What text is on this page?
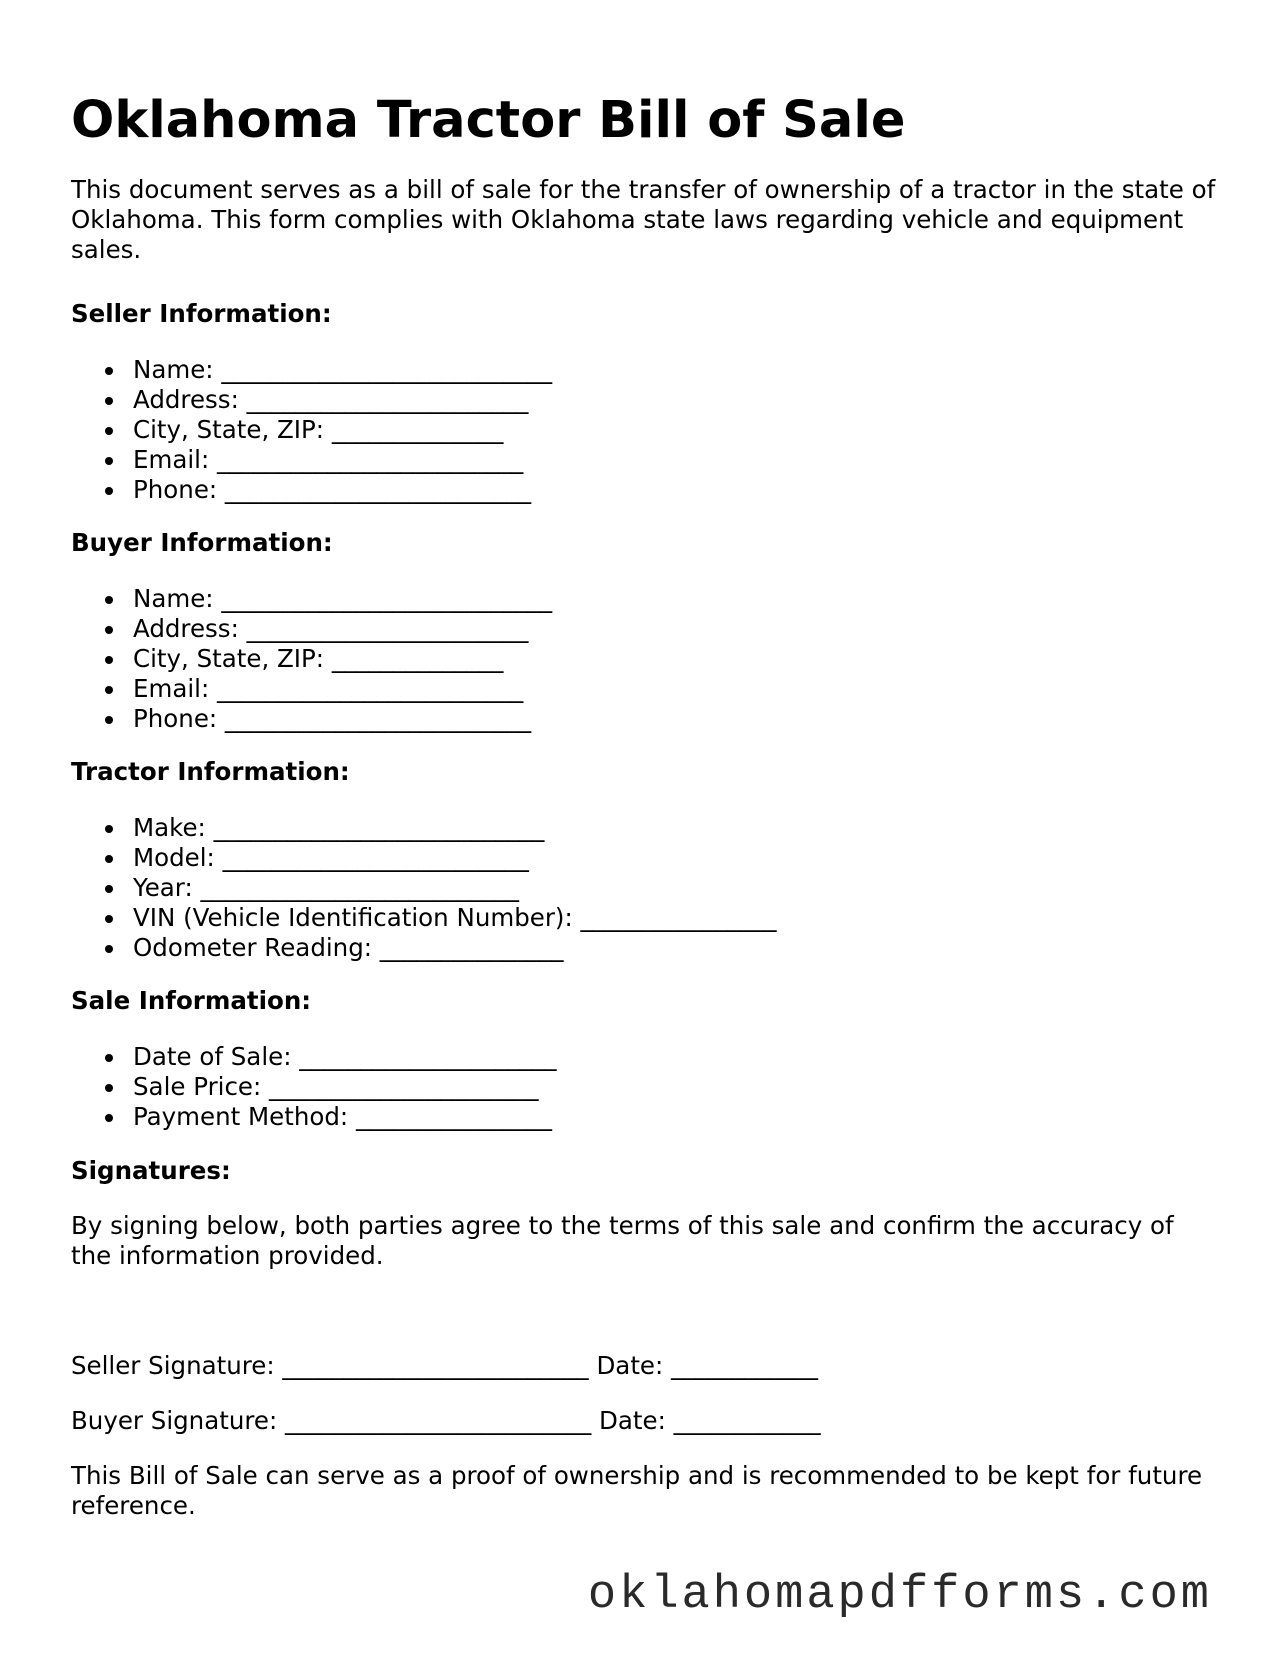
Oklahoma Tractor Bill of Sale

This document serves as a bill of sale for the transfer of ownership of a tractor in the state of Oklahoma. This form complies with Oklahoma state laws regarding vehicle and equipment sales.

Seller Information:

Name: ___________________________
Address: _______________________
City, State, ZIP: ______________
Email: _________________________
Phone: _________________________

Buyer Information:

Name: ___________________________
Address: _______________________
City, State, ZIP: ______________
Email: _________________________
Phone: _________________________

Tractor Information:

Make: ___________________________
Model: _________________________
Year: __________________________
VIN (Vehicle Identification Number): ________________
Odometer Reading: _______________

Sale Information:

Date of Sale: _____________________
Sale Price: ______________________
Payment Method: ________________

Signatures:

By signing below, both parties agree to the terms of this sale and confirm the accuracy of the information provided.

Seller Signature: _________________________ Date: ____________

Buyer Signature: _________________________ Date: ____________

This Bill of Sale can serve as a proof of ownership and is recommended to be kept for future reference.

oklahomapdfforms.com
